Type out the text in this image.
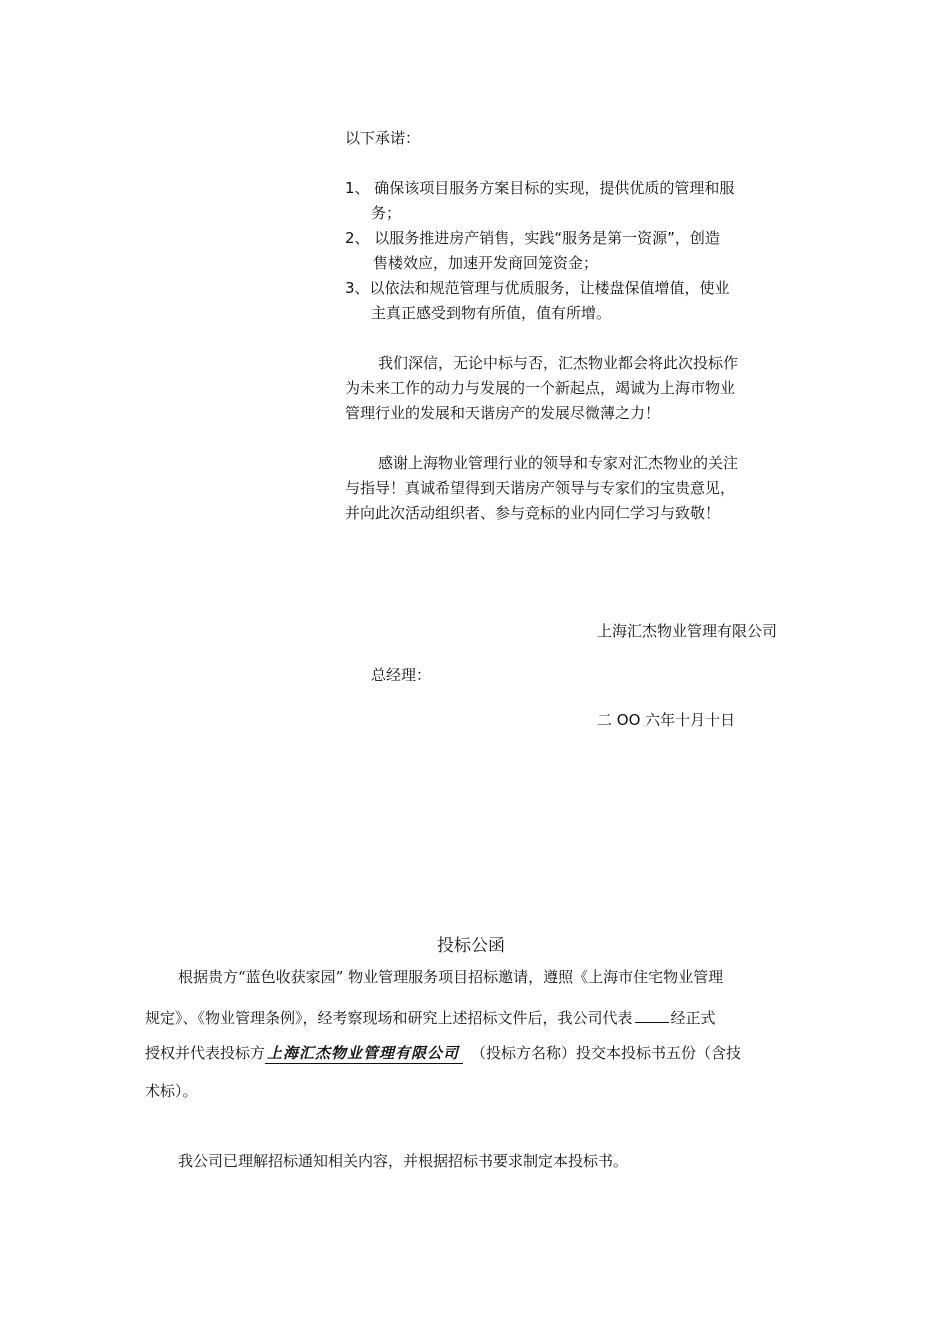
以下承诺：
1、 确保该项目服务方案目标的实现，提供优质的管理和服
务；
2、 以服务推进房产销售，实践“服务是第一资源”，创造
售楼效应，加速开发商回笼资金；
3、以依法和规范管理与优质服务，让楼盘保值增值，使业
主真正感受到物有所值，值有所增。
我们深信，无论中标与否，汇杰物业都会将此次投标作
为未来工作的动力与发展的一个新起点，竭诚为上海市物业
管理行业的发展和天谐房产的发展尽微薄之力！
感谢上海物业管理行业的领导和专家对汇杰物业的关注
与指导！真诚希望得到天谐房产领导与专家们的宝贵意见，
并向此次活动组织者、参与竞标的业内同仁学习与致敬！
上海汇杰物业管理有限公司
总经理：
二 OO 六年十月十日
投标公函
根据贵方“蓝色收获家园” 物业管理服务项目招标邀请，遵照《上海市住宅物业管理
规定》、《物业管理条例》，经考察现场和研究上述招标文件后，我公司代表	经正式
授权并代表投标方 上海汇杰物业管理有限公司 （投标方名称）投交本投标书五份（含技
术标）。
我公司已理解招标通知相关内容，并根据招标书要求制定本投标书。
